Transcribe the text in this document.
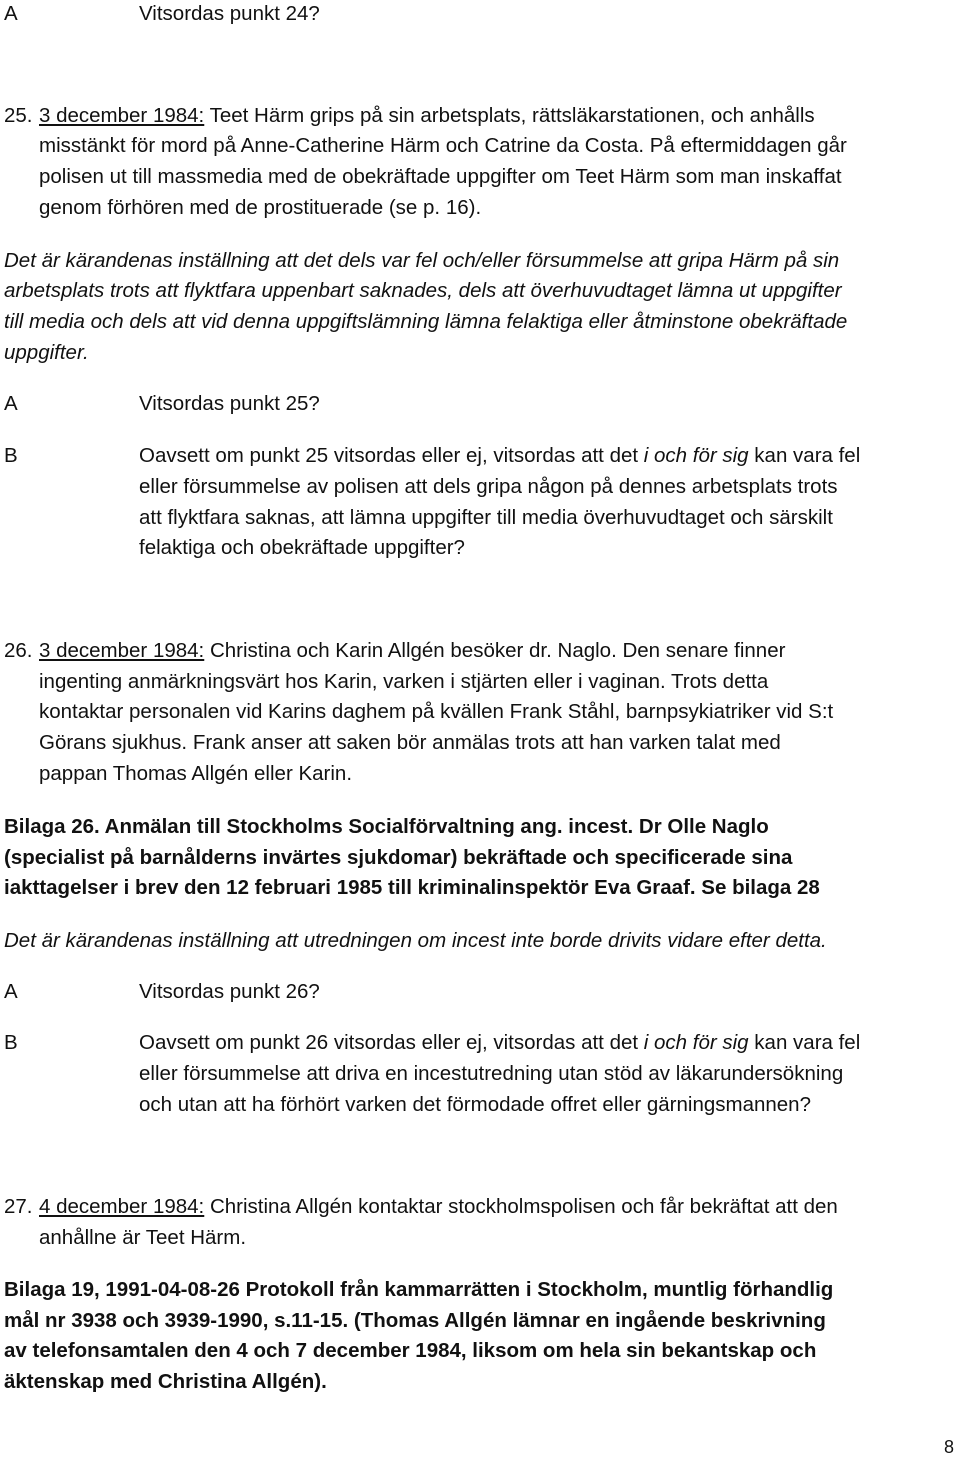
A	Vitsordas punkt 24?
25. 3 december 1984: Teet Härm grips på sin arbetsplats, rättsläkarstationen, och anhålls
misstänkt för mord på Anne-Catherine Härm och Catrine da Costa. På eftermiddagen går
polisen ut till massmedia med de obekräftade uppgifter om Teet Härm som man inskaffat
genom förhören med de prostituerade (se p. 16).
Det är kärandenas inställning att det dels var fel och/eller försummelse att gripa Härm på sin
arbetsplats trots att flyktfara uppenbart saknades, dels att överhuvudtaget lämna ut uppgifter
till media och dels att vid denna uppgiftslämning lämna felaktiga eller åtminstone obekräftade
uppgifter.
A	Vitsordas punkt 25?
B	Oavsett om punkt 25 vitsordas eller ej, vitsordas att det i och för sig kan vara fel
eller försummelse av polisen att dels gripa någon på dennes arbetsplats trots
att flyktfara saknas, att lämna uppgifter till media överhuvudtaget och särskilt
felaktiga och obekräftade uppgifter?
26. 3 december 1984: Christina och Karin Allgén besöker dr. Naglo. Den senare finner
ingenting anmärkningsvärt hos Karin, varken i stjärten eller i vaginan. Trots detta
kontaktar personalen vid Karins daghem på kvällen Frank Ståhl, barnpsykiatriker vid S:t
Görans sjukhus. Frank anser att saken bör anmälas trots att han varken talat med
pappan Thomas Allgén eller Karin.
Bilaga 26. Anmälan till Stockholms Socialförvaltning ang. incest. Dr Olle Naglo
(specialist på barnålderns invärtes sjukdomar) bekräftade och specificerade sina
iakttagelser i brev den 12 februari 1985 till kriminalinspektör Eva Graaf. Se bilaga 28
Det är kärandenas inställning att utredningen om incest inte borde drivits vidare efter detta.
A	Vitsordas punkt 26?
B	Oavsett om punkt 26 vitsordas eller ej, vitsordas att det i och för sig kan vara fel
eller försummelse att driva en incestutredning utan stöd av läkarundersökning
och utan att ha förhört varken det förmodade offret eller gärningsmannen?
27. 4 december 1984: Christina Allgén kontaktar stockholmspolisen och får bekräftat att den
anhållne är Teet Härm.
Bilaga 19, 1991-04-08-26 Protokoll från kammarrätten i Stockholm, muntlig förhandlig
mål nr 3938 och 3939-1990, s.11-15. (Thomas Allgén lämnar en ingående beskrivning
av telefonsamtalen den 4 och 7 december 1984, liksom om hela sin bekantskap och
äktenskap med Christina Allgén).
8
